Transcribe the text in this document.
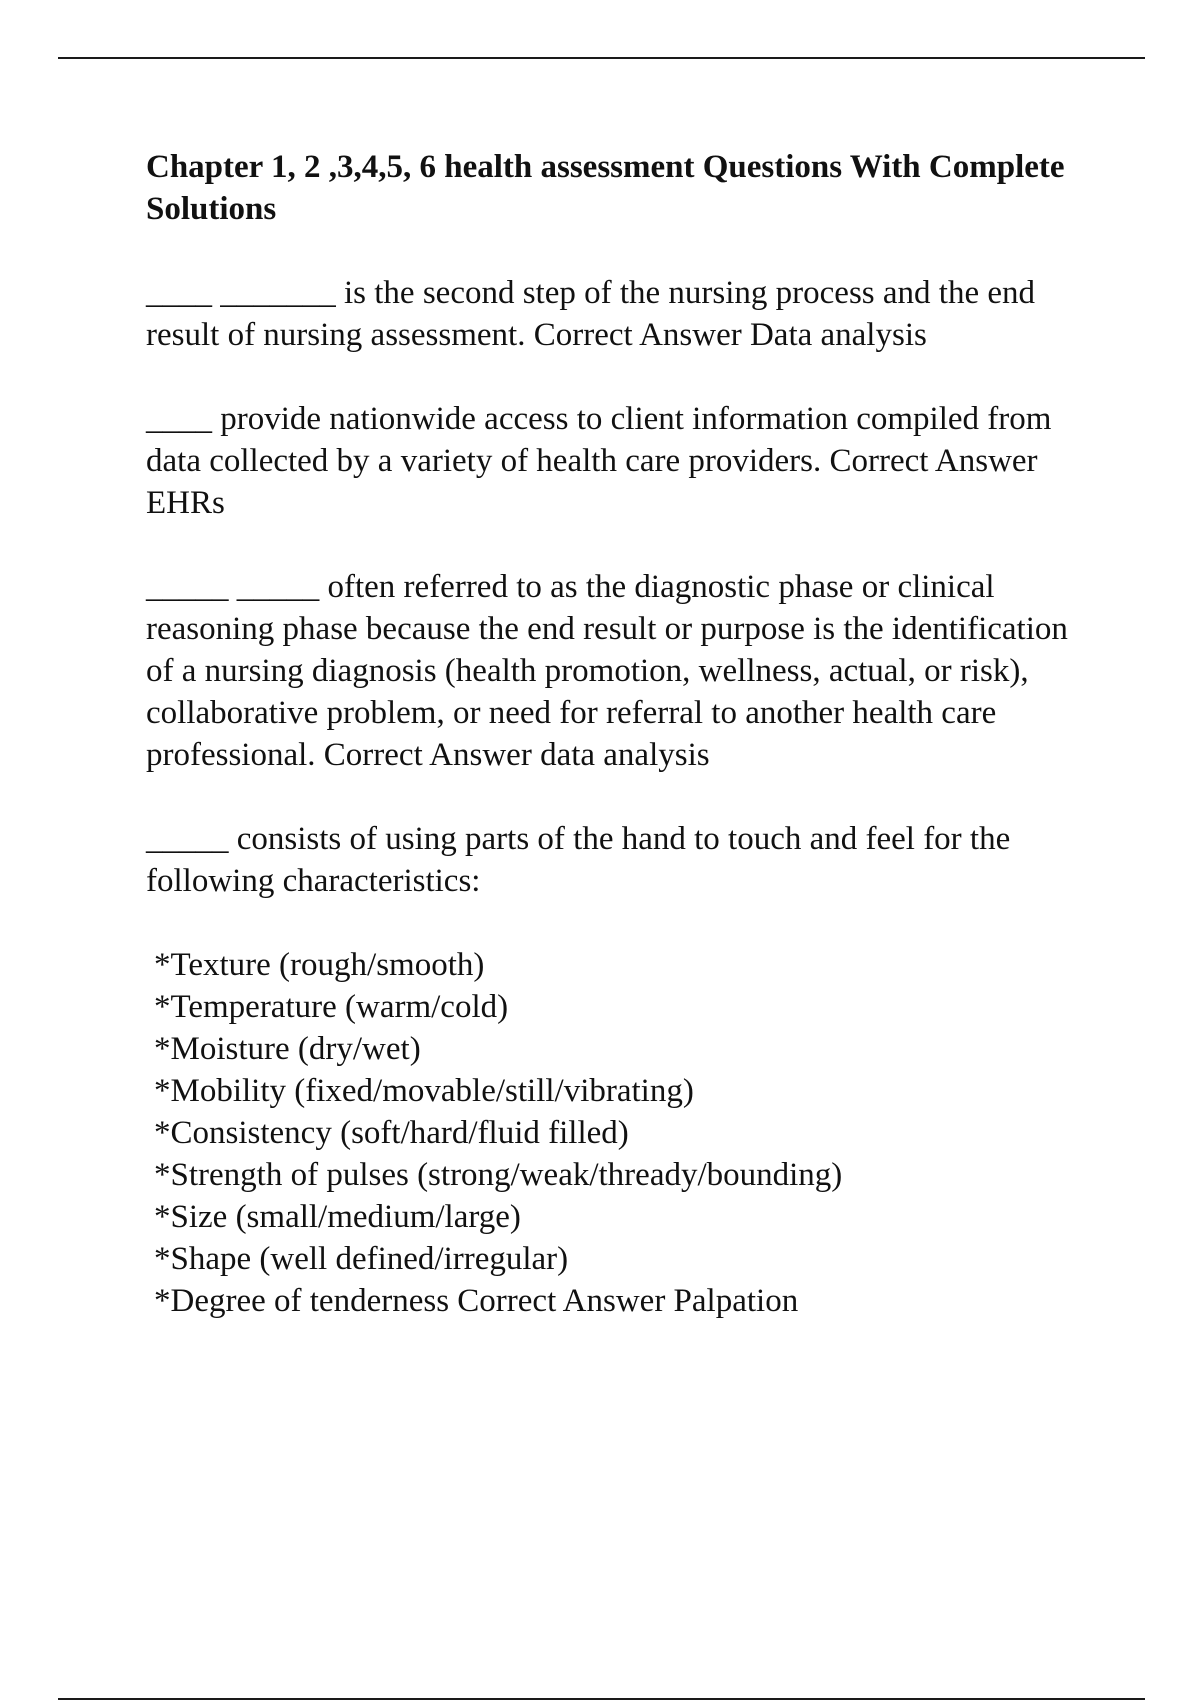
Chapter 1, 2 ,3,4,5, 6 health assessment Questions With Complete Solutions

____ _______ is the second step of the nursing process and the end result of nursing assessment. Correct Answer Data analysis

____ provide nationwide access to client information compiled from data collected by a variety of health care providers. Correct Answer EHRs

_____ _____ often referred to as the diagnostic phase or clinical reasoning phase because the end result or purpose is the identification of a nursing diagnosis (health promotion, wellness, actual, or risk), collaborative problem, or need for referral to another health care professional. Correct Answer data analysis

_____ consists of using parts of the hand to touch and feel for the following characteristics:

*Texture (rough/smooth)
*Temperature (warm/cold)
*Moisture (dry/wet)
*Mobility (fixed/movable/still/vibrating)
*Consistency (soft/hard/fluid filled)
*Strength of pulses (strong/weak/thready/bounding)
*Size (small/medium/large)
*Shape (well defined/irregular)
*Degree of tenderness Correct Answer Palpation
